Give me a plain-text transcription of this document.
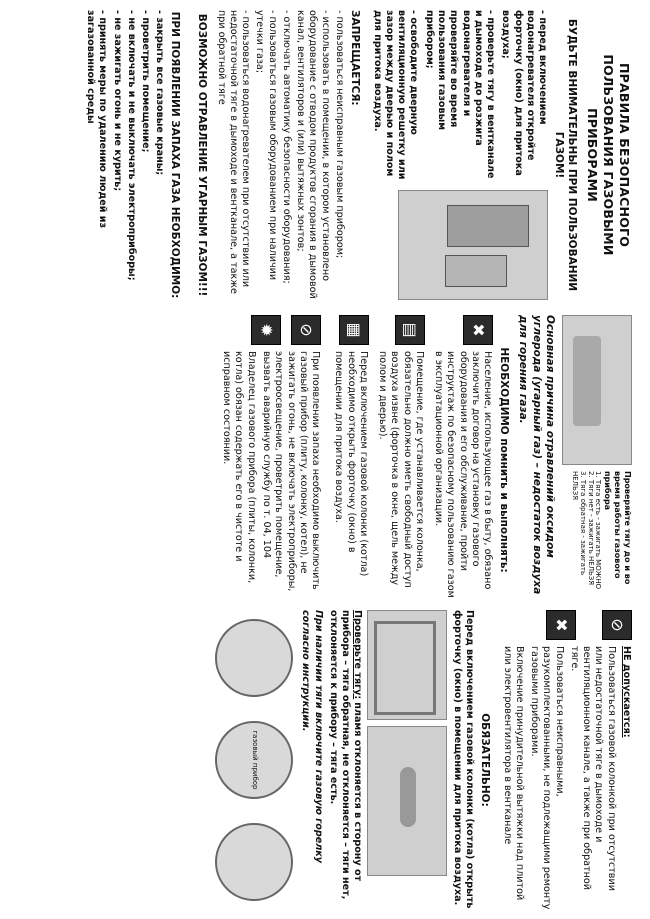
ПРАВИЛА БЕЗОПАСНОГО ПОЛЬЗОВАНИЯ ГАЗОВЫМИ ПРИБОРАМИ
БУДЬТЕ ВНИМАТЕЛЬНЫ ПРИ ПОЛЬЗОВАНИИ ГАЗОМ!

- перед включением водонагревателя откройте форточку (окно) для притока воздуха;

- проверьте тягу в вентканале и дымоходе до розжига водонагревателя и проверяйте во время пользования газовым прибором;

- освободите дверную вентиляционную решетку или зазор между дверью и полом для притока воздуха.

ЗАПРЕЩАЕТСЯ:

- пользоваться неисправным газовым прибором;

- использовать в помещении, в котором установлено оборудование с отводом продуктов сгорания в дымовой канал, вентиляторов и (или) вытяжных зонтов;

- отключать автоматику безопасности оборудования;

- пользоваться газовым оборудованием при наличии утечки газа;

- пользоваться водонагревателем при отсутствии или недостаточной тяге в дымоходе и вентканале, а также при обратной тяге

ВОЗМОЖНО ОТРАВЛЕНИЕ УГАРНЫМ ГАЗОМ!!!
ПРИ ПОЯВЛЕНИИ ЗАПАХА ГАЗА НЕОБХОДИМО:

- закрыть все газовые краны;

- проветрить помещение;

- не включать и не выключать электроприборы;

- не зажигать огонь и не курить;

- принять меры по удалению людей из загазованной среды

Проверяйте тягу до и во время работы газового прибора
1. Тяга есть - зажигать МОЖНО
2. Тяги нет - зажигать НЕЛЬЗЯ
3. Тяга обратная - зажигать НЕЛЬЗЯ

Основная причина отравлений оксидом углерода (угарный газ) – недостаток воздуха для горения газа.

НЕОБХОДИМО помнить и выполнять:
✖

Население, использующее газ в быту, обязано заключить договор на установку газового оборудования и его обслуживание, пройти инструктаж по безопасному пользованию газом в эксплуатационной организации.

▤

Помещение, где устанавливается колонка, обязательно должно иметь свободный доступ воздуха извне (форточка в окне, щель между полом и дверью).

▦

Перед включением газовой колонки (котла) необходимо открыть форточку (окно) в помещении для притока воздуха.

⊘
✹

При появлении запаха необходимо выключить газовый прибор (плиту, колонку, котел), не зажигать огонь, не включать электроприборы, электроосвещение, проветрить помещение, вызвать аварийную службу по т. 04, 104

Владелец газового прибора (плиты, колонки, котла) обязан содержать его в чистоте и исправном состоянии.

⊘
✖

НЕ допускается:

Пользоваться газовой колонкой при отсутствии или недостаточной тяге в дымоходе и вентиляционном канале, а также при обратной тяге.

Пользоваться неисправными, разукомплектованными, не подлежащими ремонту газовыми приборами.

Включение принудительной вытяжки над плитой или электровентилятора в вентканале

ОБЯЗАТЕЛЬНО:

Перед включением газовой колонки (котла) открыть форточку (окно) в помещении для притока воздуха.

Проверьте тягу: пламя отклоняется в сторону от прибора – тяга обратная, не отклоняется – тяги нет, отклоняется к прибору – тяга есть.

При наличии тяги включите газовую горелку согласно инструкции.

газовый прибор
